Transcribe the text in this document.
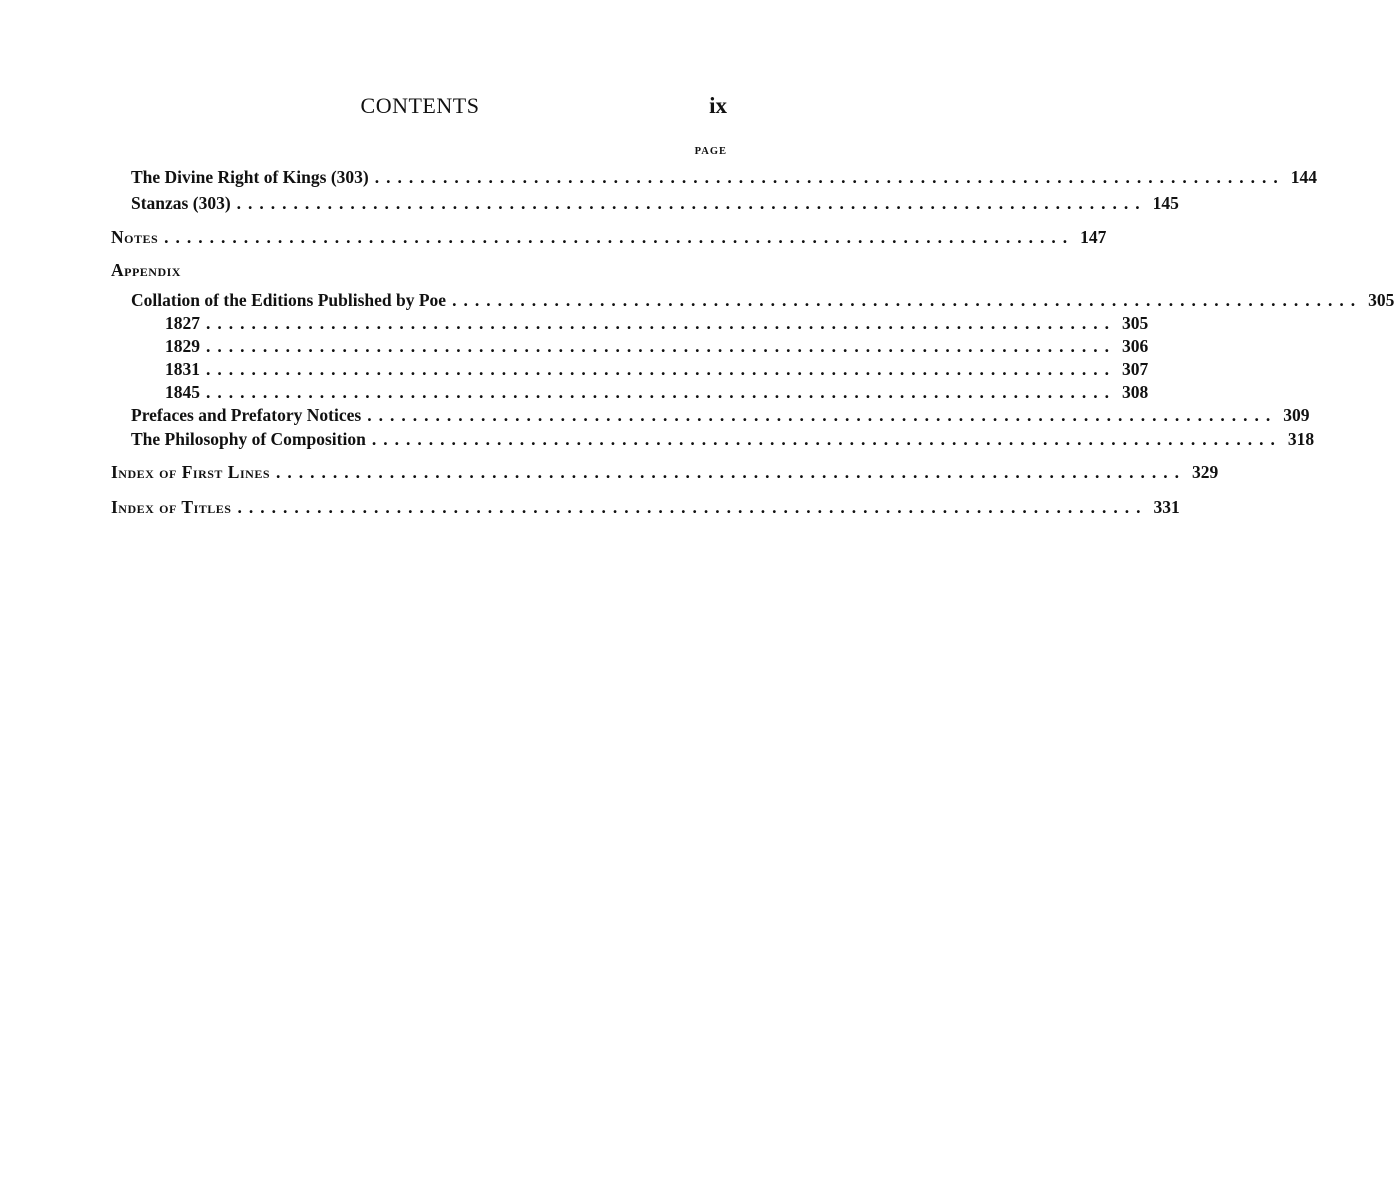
CONTENTS	ix
PAGE
The Divine Right of Kings (303) ................................................................................ 144
Stanzas (303) ................................................................................ 145
Notes ................................................................................ 147
Appendix
Collation of the Editions Published by Poe ................................................................................ 305
1827 ................................................................................ 305
1829 ................................................................................ 306
1831 ................................................................................ 307
1845 ................................................................................ 308
Prefaces and Prefatory Notices ................................................................................ 309
The Philosophy of Composition ................................................................................ 318
Index of First Lines ................................................................................ 329
Index of Titles ................................................................................ 331
